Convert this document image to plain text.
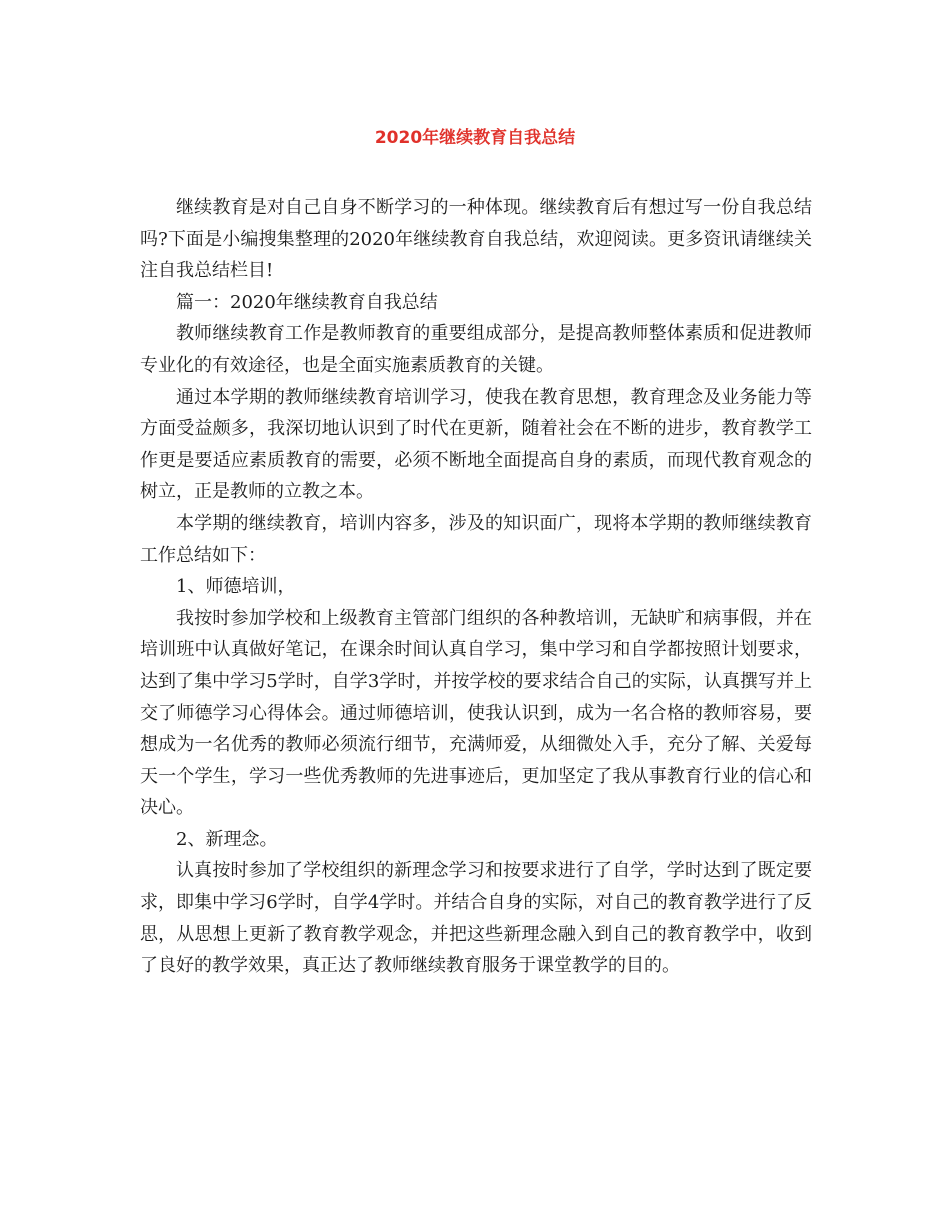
2020年继续教育自我总结

继续教育是对自己自身不断学习的一种体现。继续教育后有想过写一份自我总结吗?下面是小编搜集整理的2020年继续教育自我总结，欢迎阅读。更多资讯请继续关注自我总结栏目!

篇一：2020年继续教育自我总结

教师继续教育工作是教师教育的重要组成部分，是提高教师整体素质和促进教师专业化的有效途径，也是全面实施素质教育的关键。

通过本学期的教师继续教育培训学习，使我在教育思想，教育理念及业务能力等方面受益颇多，我深切地认识到了时代在更新，随着社会在不断的进步，教育教学工作更是要适应素质教育的需要，必须不断地全面提高自身的素质，而现代教育观念的树立，正是教师的立教之本。

本学期的继续教育，培训内容多，涉及的知识面广，现将本学期的教师继续教育工作总结如下：

1、师德培训，

我按时参加学校和上级教育主管部门组织的各种教培训，无缺旷和病事假，并在培训班中认真做好笔记，在课余时间认真自学习，集中学习和自学都按照计划要求，达到了集中学习5学时，自学3学时，并按学校的要求结合自己的实际，认真撰写并上交了师德学习心得体会。通过师德培训，使我认识到，成为一名合格的教师容易，要想成为一名优秀的教师必须流行细节，充满师爱，从细微处入手，充分了解、关爱每天一个学生，学习一些优秀教师的先进事迹后，更加坚定了我从事教育行业的信心和决心。

2、新理念。

认真按时参加了学校组织的新理念学习和按要求进行了自学，学时达到了既定要求，即集中学习6学时，自学4学时。并结合自身的实际，对自己的教育教学进行了反思，从思想上更新了教育教学观念，并把这些新理念融入到自己的教育教学中，收到了良好的教学效果，真正达了教师继续教育服务于课堂教学的目的。
